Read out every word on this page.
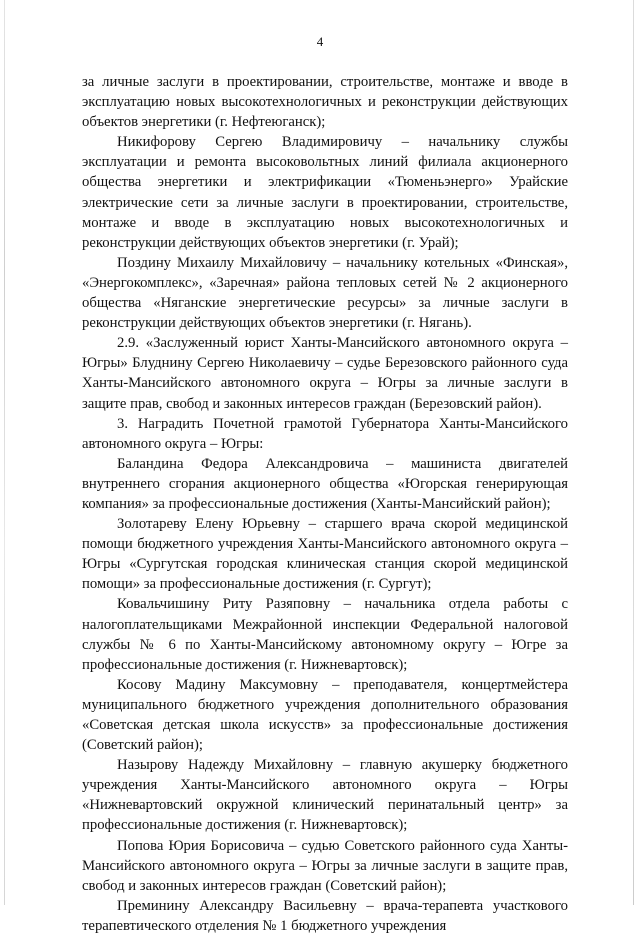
4

за личные заслуги в проектировании, строительстве, монтаже и вводе в эксплуатацию новых высокотехнологичных и реконструкции действующих объектов энергетики (г. Нефтеюганск);

Никифорову Сергею Владимировичу – начальнику службы эксплуатации и ремонта высоковольтных линий филиала акционерного общества энергетики и электрификации «Тюменьэнерго» Урайские электрические сети за личные заслуги в проектировании, строительстве, монтаже и вводе в эксплуатацию новых высокотехнологичных и реконструкции действующих объектов энергетики (г. Урай);

Поздину Михаилу Михайловичу – начальнику котельных «Финская», «Энергокомплекс», «Заречная» района тепловых сетей № 2 акционерного общества «Няганские энергетические ресурсы» за личные заслуги в реконструкции действующих объектов энергетики (г. Нягань).

2.9. «Заслуженный юрист Ханты-Мансийского автономного округа – Югры» Блуднину Сергею Николаевичу – судье Березовского районного суда Ханты-Мансийского автономного округа – Югры за личные заслуги в защите прав, свобод и законных интересов граждан (Березовский район).

3. Наградить Почетной грамотой Губернатора Ханты-Мансийского автономного округа – Югры:

Баландина Федора Александровича – машиниста двигателей внутреннего сгорания акционерного общества «Югорская генерирующая компания» за профессиональные достижения (Ханты-Мансийский район);

Золотареву Елену Юрьевну – старшего врача скорой медицинской помощи бюджетного учреждения Ханты-Мансийского автономного округа – Югры «Сургутская городская клиническая станция скорой медицинской помощи» за профессиональные достижения (г. Сургут);

Ковальчишину Риту Разяповну – начальника отдела работы с налогоплательщиками Межрайонной инспекции Федеральной налоговой службы № 6 по Ханты-Мансийскому автономному округу – Югре за профессиональные достижения (г. Нижневартовск);

Косову Мадину Максумовну – преподавателя, концертмейстера муниципального бюджетного учреждения дополнительного образования «Советская детская школа искусств» за профессиональные достижения (Советский район);

Назырову Надежду Михайловну – главную акушерку бюджетного учреждения Ханты-Мансийского автономного округа – Югры «Нижневартовский окружной клинический перинатальный центр» за профессиональные достижения (г. Нижневартовск);

Попова Юрия Борисовича – судью Советского районного суда Ханты-Мансийского автономного округа – Югры за личные заслуги в защите прав, свобод и законных интересов граждан (Советский район);

Преминину Александру Васильевну – врача-терапевта участкового терапевтического отделения № 1 бюджетного учреждения
